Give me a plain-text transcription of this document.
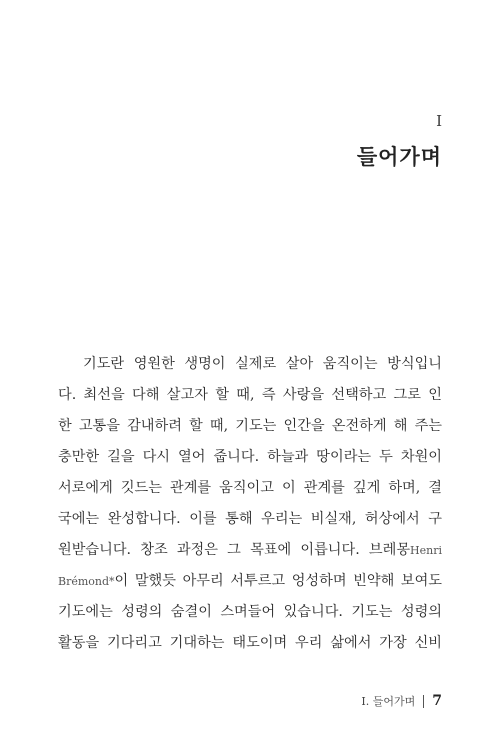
I
들어가며
기도란 영원한 생명이 실제로 살아 움직이는 방식입니
다. 최선을 다해 살고자 할 때, 즉 사랑을 선택하고 그로 인
한 고통을 감내하려 할 때, 기도는 인간을 온전하게 해 주는
충만한 길을 다시 열어 줍니다. 하늘과 땅이라는 두 차원이
서로에게 깃드는 관계를 움직이고 이 관계를 깊게 하며, 결
국에는 완성합니다. 이를 통해 우리는 비실재, 허상에서 구
원받습니다. 창조 과정은 그 목표에 이릅니다. 브레몽Henri
Brémond*이 말했듯 아무리 서투르고 엉성하며 빈약해 보여도
기도에는 성령의 숨결이 스며들어 있습니다. 기도는 성령의
활동을 기다리고 기대하는 태도이며 우리 삶에서 가장 신비
I. 들어가며 7
